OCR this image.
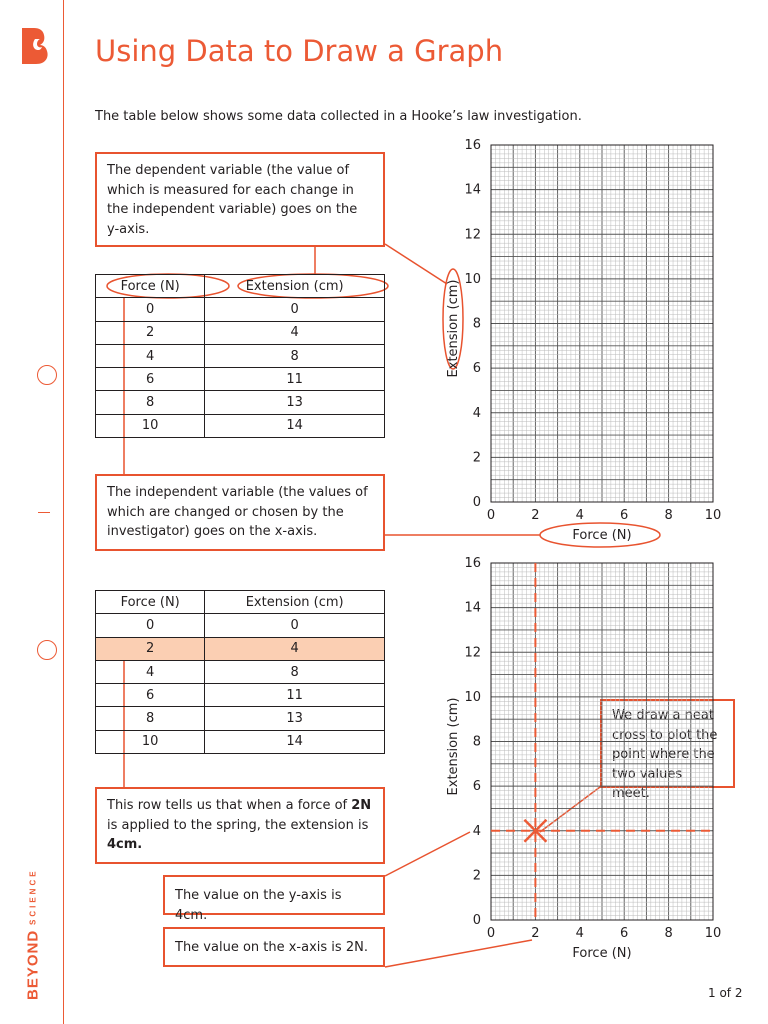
BEYOND
SCIENCE
Using Data to Draw a Graph
The table below shows some data collected in a Hooke’s law investigation.
The dependent variable (the value of which is measured for each change in the independent variable) goes on the y-axis.
The independent variable (the values of which are changed or chosen by the investigator) goes on the x-axis.
This row tells us that when a force of 2N is applied to the spring, the extension is 4cm.
The value on the y-axis is 4cm.
The value on the x-axis is 2N.
We draw a neat cross to plot the point where the two values meet.
Force (N)	Extension (cm)
0	0
2	4
4	8
6	11
8	13
10	14
Force (N)	Extension (cm)
0	0
2	4
4	8
6	11
8	13
10	14
0	2	4	6	8 10
0
2
4
6
8
10
12
14
16
Force (N)
Extension (cm)
0	2	4	6	8 10
0
2
4
6
8
10
12
14
16
Force (N)
Extension (cm)
1 of 2
